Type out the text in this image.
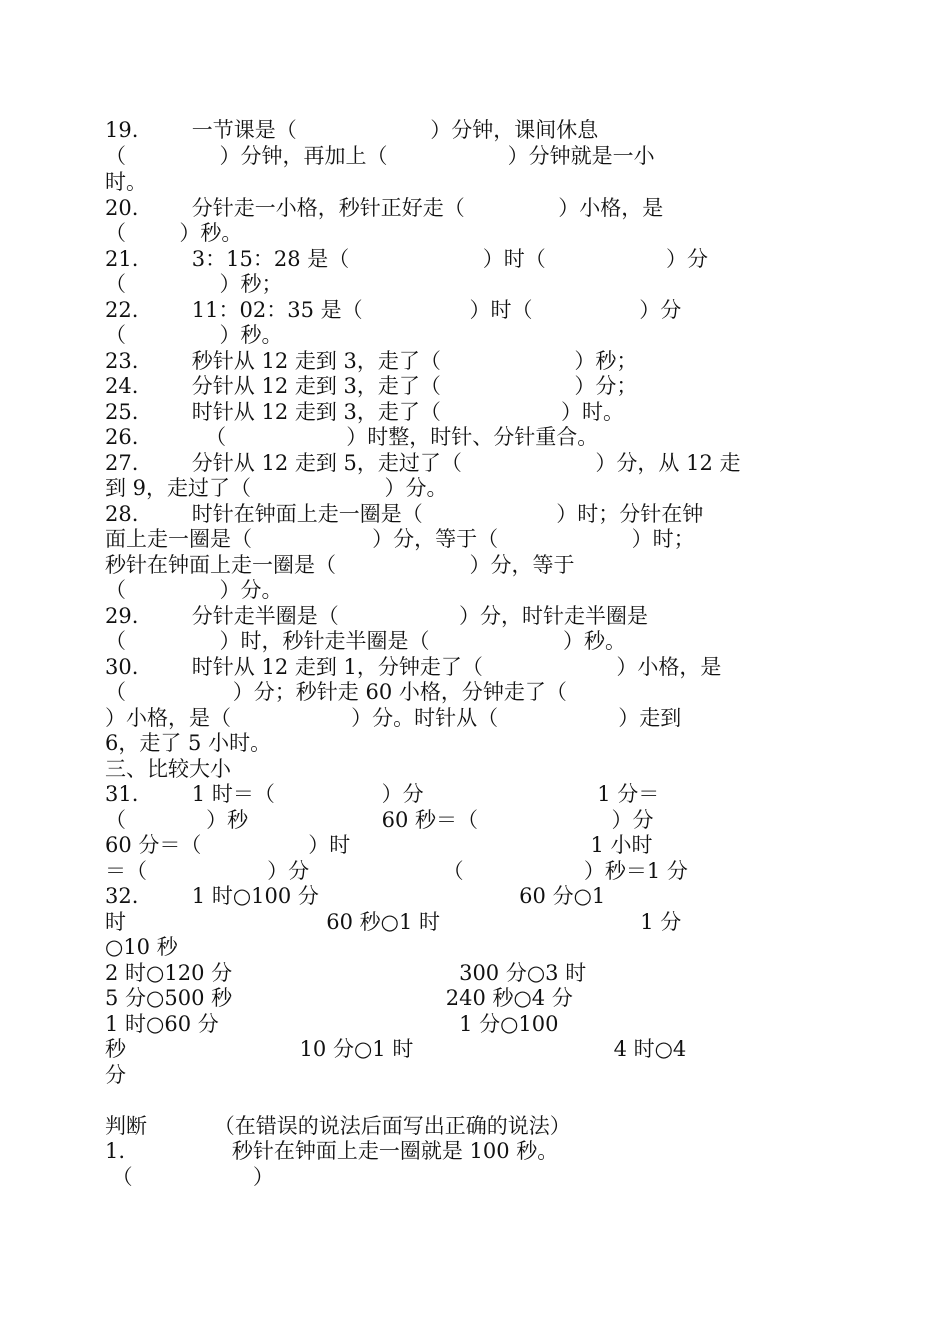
19.        一节课是（                    ）分钟，课间休息
（              ）分钟，再加上（                  ）分钟就是一小
时。
20.        分针走一小格，秒针正好走（              ）小格，是
（        ）秒。
21.        3：15：28 是（                    ）时（                  ）分
（              ）秒；
22.        11：02：35 是（                ）时（                ）分
（              ）秒。
23.        秒针从 12 走到 3，走了（                    ）秒；
24.        分针从 12 走到 3，走了（                    ）分；
25.        时针从 12 走到 3，走了（                  ）时。
26.          （                  ）时整，时针、分针重合。
27.        分针从 12 走到 5，走过了（                    ）分，从 12 走
到 9，走过了（                    ）分。
28.        时针在钟面上走一圈是（                    ）时；分针在钟
面上走一圈是（                  ）分，等于（                    ）时；
秒针在钟面上走一圈是（                    ）分，等于
（              ）分。
29.        分针走半圈是（                  ）分，时针走半圈是
（              ）时，秒针走半圈是（                    ）秒。
30.        时针从 12 走到 1，分钟走了（                    ）小格，是
（                ）分；秒针走 60 小格，分钟走了（
）小格，是（                  ）分。时针从（                  ）走到
6，走了 5 小时。
三、比较大小
31.        1 时＝（                ）分                          1 分＝
（            ）秒                    60 秒＝（                    ）分
60 分＝（                ）时                                    1 小时
＝（                  ）分                    （                  ）秒＝1 分
32.        1 时○100 分                              60 分○1
时                              60 秒○1 时                              1 分
○10 秒
2 时○120 分                                  300 分○3 时
5 分○500 秒                                240 秒○4 分
1 时○60 分                                    1 分○100
秒                          10 分○1 时                              4 时○4
分
判断          （在错误的说法后面写出正确的说法）
1.                秒针在钟面上走一圈就是 100 秒。
（                  ）
